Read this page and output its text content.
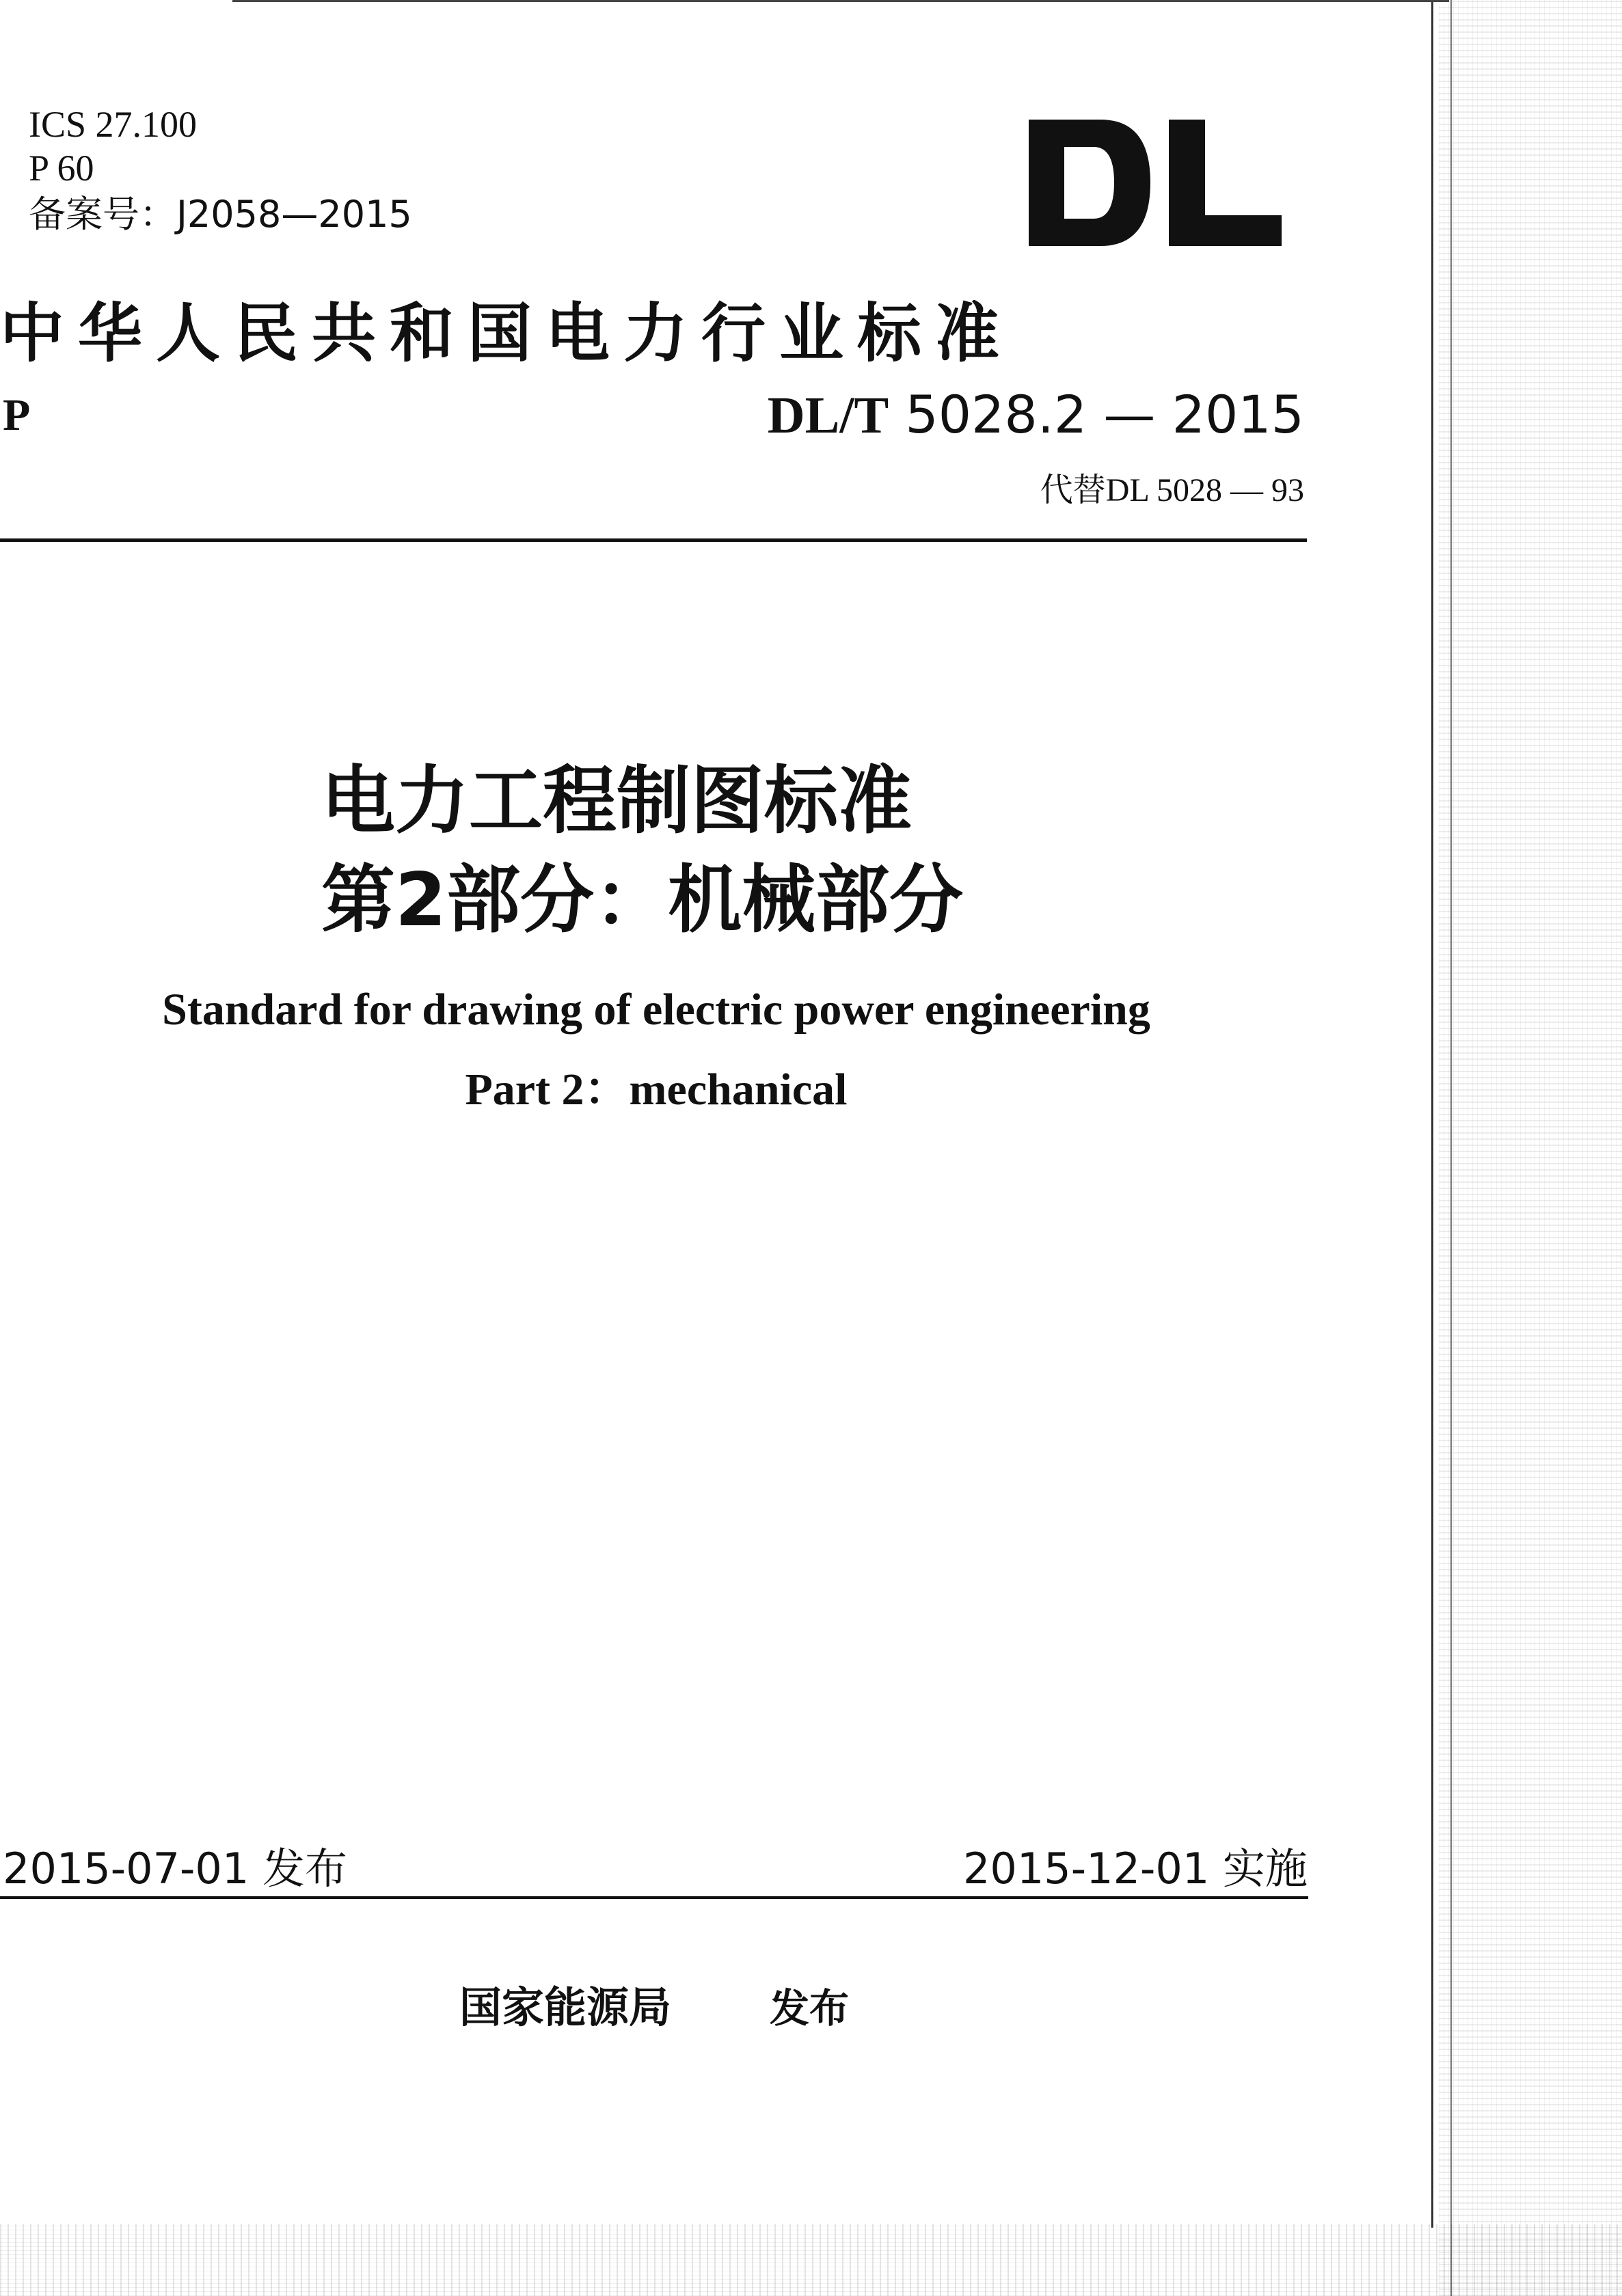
ICS 27.100
P 60
备案号：J2058—2015
中华人民共和国电力行业标准
P	DL/T 5028.2 — 2015
代替DL 5028 — 93
电力工程制图标准
第2部分：机械部分
Standard for drawing of electric power engineering
Part 2：mechanical
2015-07-01 发布	2015-12-01 实施
国家能源局 发布
